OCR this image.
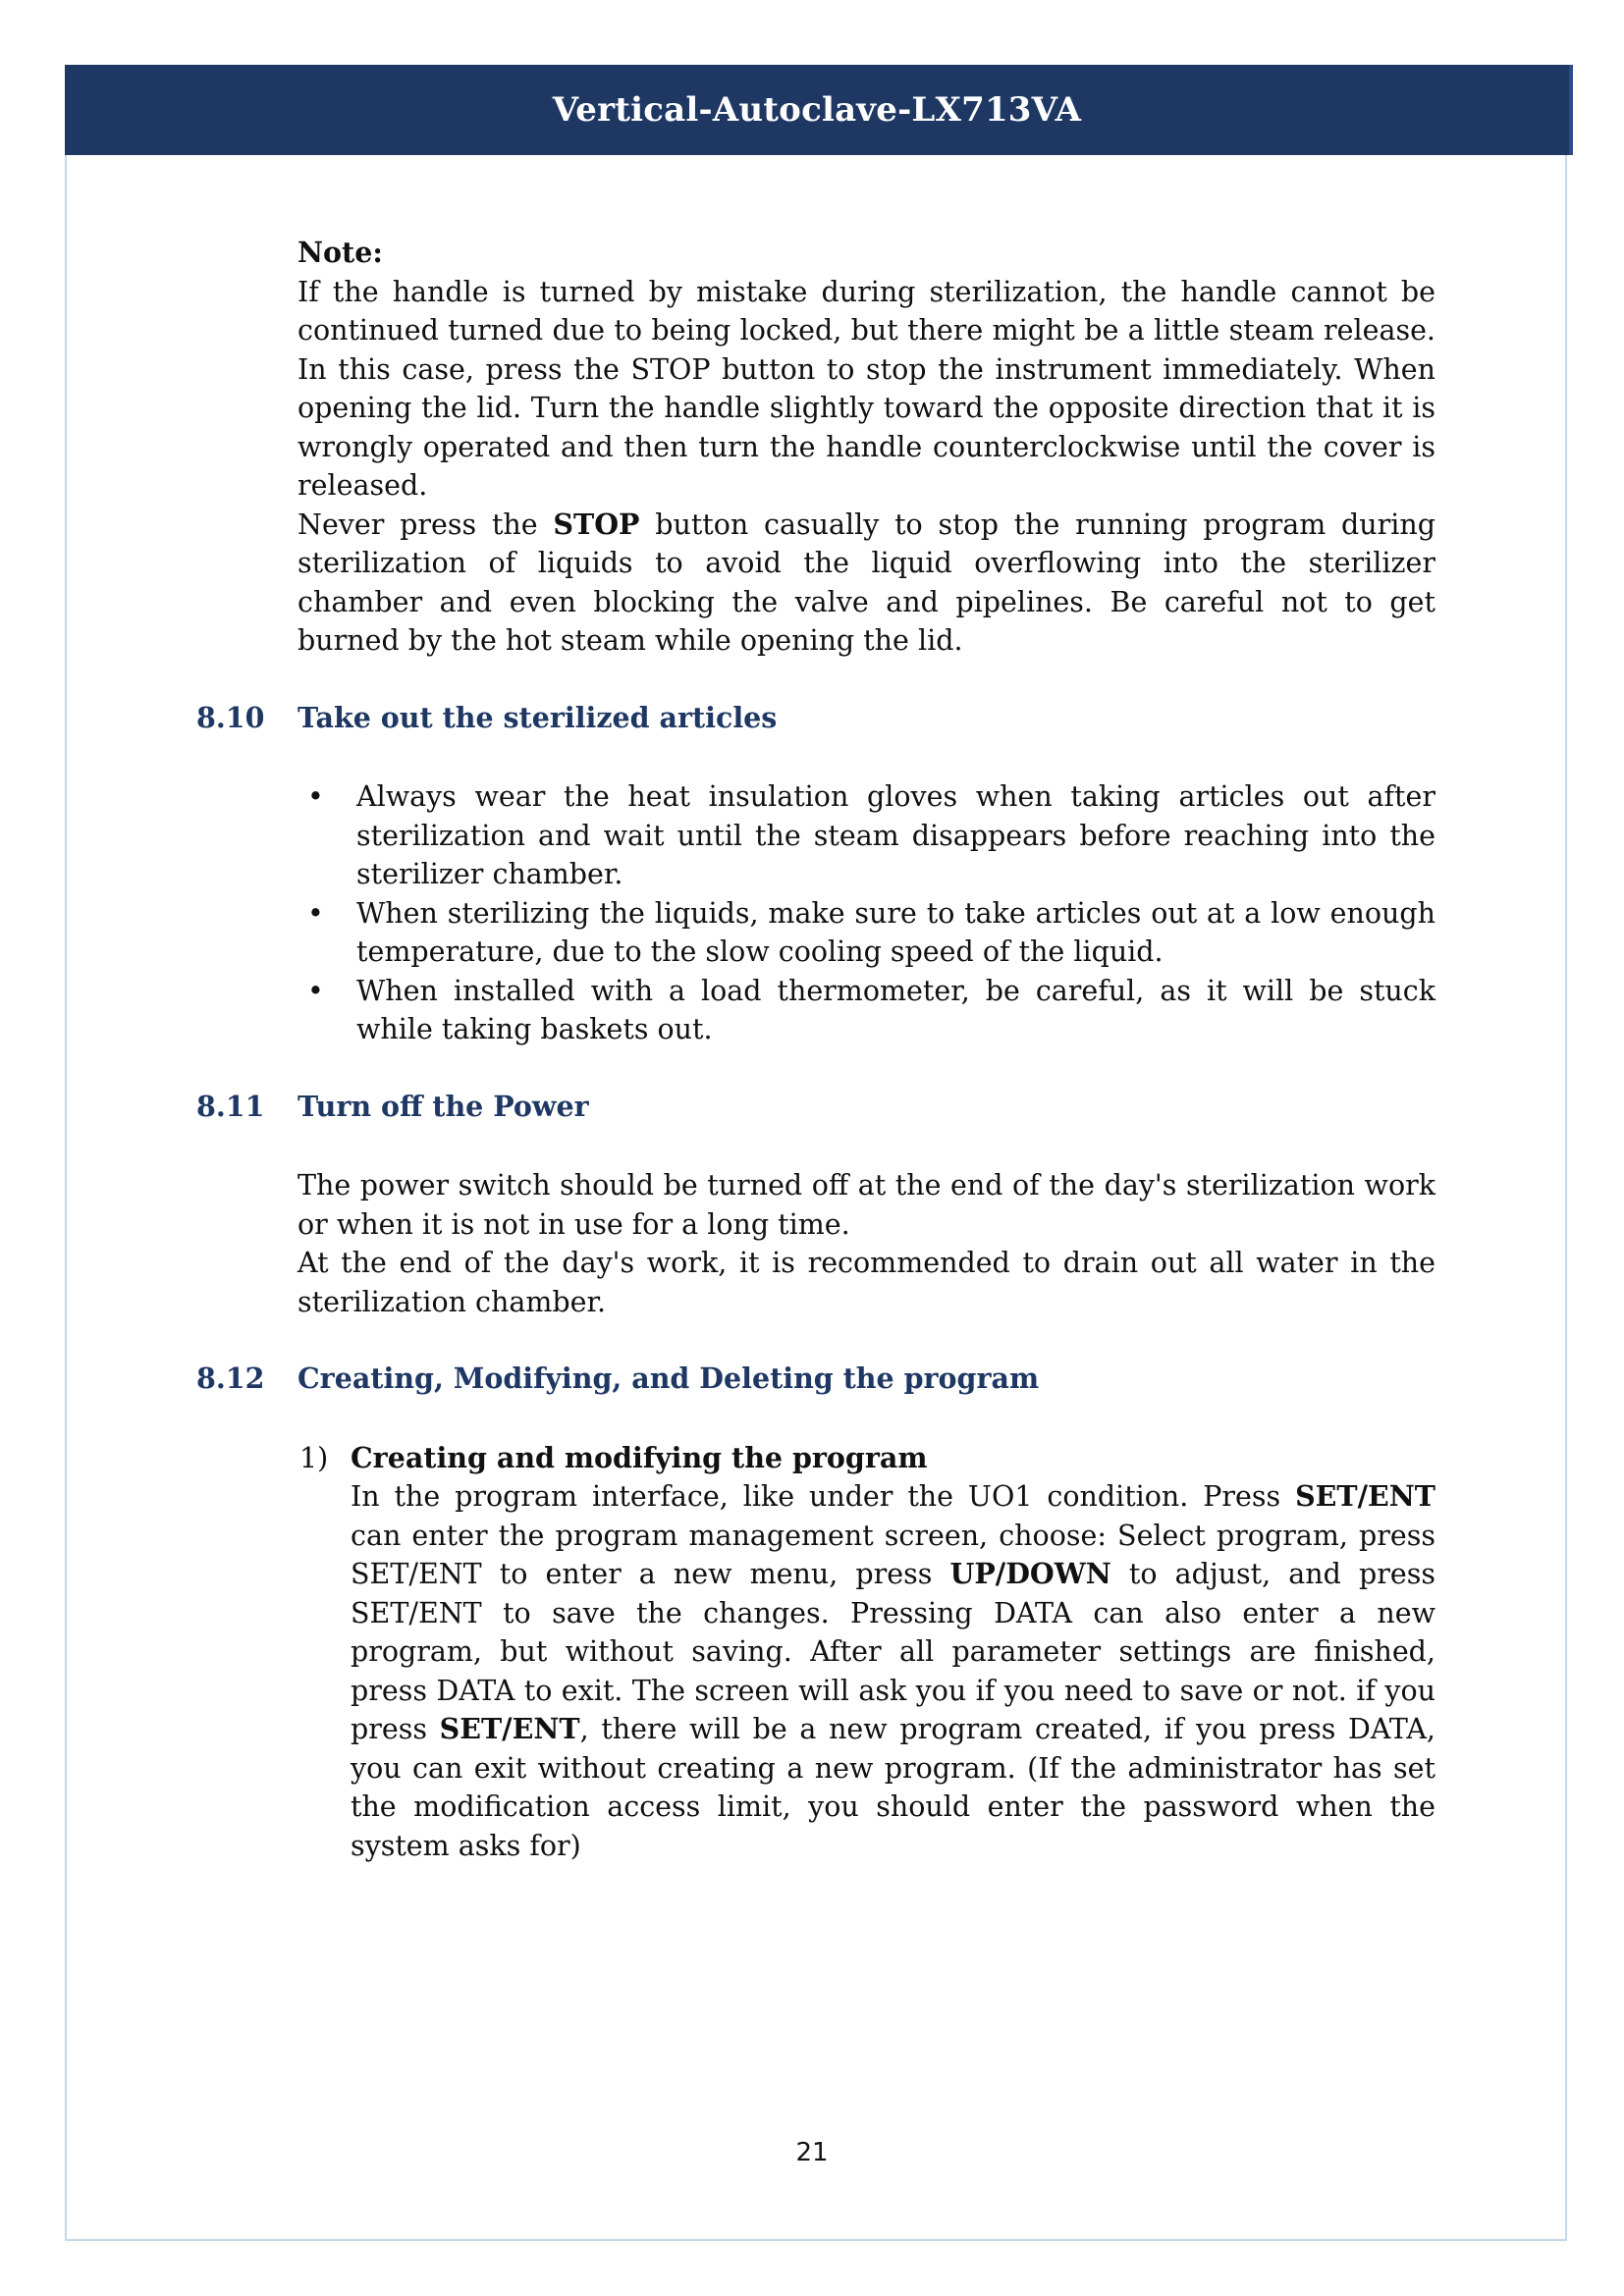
Vertical-Autoclave-LX713VA

Note:

If the handle is turned by mistake during sterilization, the handle cannot be continued turned due to being locked, but there might be a little steam release. In this case, press the STOP button to stop the instrument immediately. When opening the lid. Turn the handle slightly toward the opposite direction that it is wrongly operated and then turn the handle counterclockwise until the cover is released.

Never press the STOP button casually to stop the running program during sterilization of liquids to avoid the liquid overflowing into the sterilizer chamber and even blocking the valve and pipelines. Be careful not to get burned by the hot steam while opening the lid.

8.10	Take out the sterilized articles
•	Always wear the heat insulation gloves when taking articles out after sterilization and wait until the steam disappears before reaching into the sterilizer chamber.
•	When sterilizing the liquids, make sure to take articles out at a low enough temperature, due to the slow cooling speed of the liquid.
•	When installed with a load thermometer, be careful, as it will be stuck while taking baskets out.
8.11	Turn off the Power

The power switch should be turned off at the end of the day's sterilization work or when it is not in use for a long time.

At the end of the day's work, it is recommended to drain out all water in the sterilization chamber.

8.12	Creating, Modifying, and Deleting the program
1) Creating and modifying the program

In the program interface, like under the UO1 condition. Press SET/ENT can enter the program management screen, choose: Select program, press SET/ENT to enter a new menu, press UP/DOWN to adjust, and press SET/ENT to save the changes. Pressing DATA can also enter a new program, but without saving. After all parameter settings are finished, press DATA to exit. The screen will ask you if you need to save or not. if you press SET/ENT, there will be a new program created, if you press DATA, you can exit without creating a new program. (If the administrator has set the modification access limit, you should enter the password when the system asks for)

21
